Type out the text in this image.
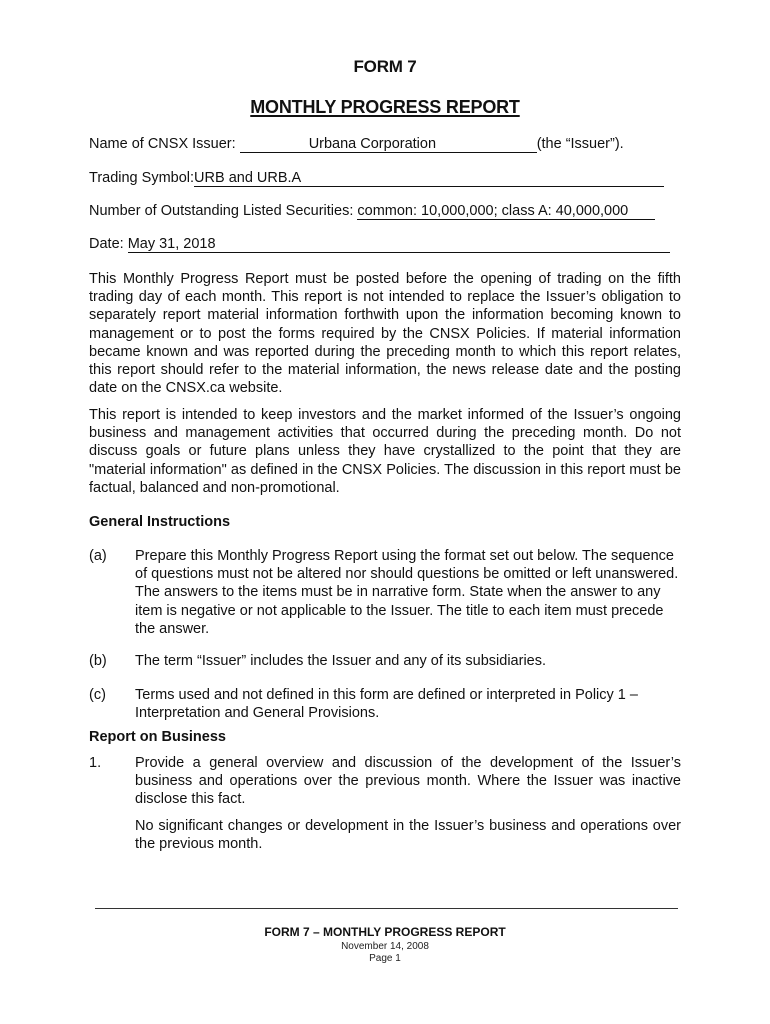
FORM 7
MONTHLY PROGRESS REPORT
Name of CNSX Issuer:	Urbana Corporation	(the “Issuer”).
Trading Symbol:URB and URB.A
Number of Outstanding Listed Securities: common: 10,000,000; class A: 40,000,000
Date: May 31, 2018

This Monthly Progress Report must be posted before the opening of trading on the fifth trading day of each month. This report is not intended to replace the Issuer’s obligation to separately report material information forthwith upon the information becoming known to management or to post the forms required by the CNSX Policies. If material information became known and was reported during the preceding month to which this report relates, this report should refer to the material information, the news release date and the posting date on the CNSX.ca website.

This report is intended to keep investors and the market informed of the Issuer’s ongoing business and management activities that occurred during the preceding month. Do not discuss goals or future plans unless they have crystallized to the point that they are "material information" as defined in the CNSX Policies. The discussion in this report must be factual, balanced and non-promotional.

General Instructions
(a) Prepare this Monthly Progress Report using the format set out below. The sequence of questions must not be altered nor should questions be omitted or left unanswered. The answers to the items must be in narrative form. State when the answer to any item is negative or not applicable to the Issuer. The title to each item must precede the answer.
(b) The term “Issuer” includes the Issuer and any of its subsidiaries.
(c) Terms used and not defined in this form are defined or interpreted in Policy 1 – Interpretation and General Provisions.
Report on Business
1. Provide a general overview and discussion of the development of the Issuer’s business and operations over the previous month. Where the Issuer was inactive disclose this fact.

No significant changes or development in the Issuer’s business and operations over the previous month.

FORM 7 – MONTHLY PROGRESS REPORT
November 14, 2008
Page 1
